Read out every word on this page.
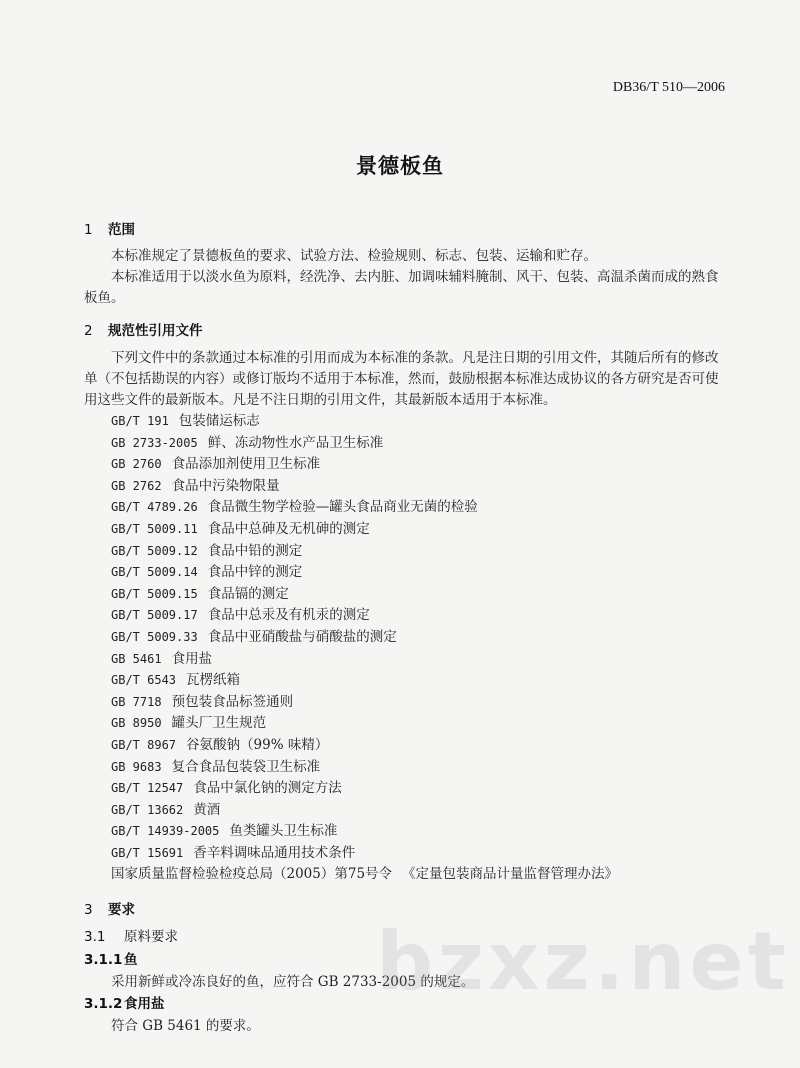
DB36/T 510—2006
景德板鱼
1 范围

本标准规定了景德板鱼的要求、试验方法、检验规则、标志、包装、运输和贮存。

本标准适用于以淡水鱼为原料，经洗净、去内脏、加调味辅料腌制、风干、包装、高温杀菌而成的熟食板鱼。

2 规范性引用文件

下列文件中的条款通过本标准的引用而成为本标准的条款。凡是注日期的引用文件，其随后所有的修改单（不包括勘误的内容）或修订版均不适用于本标准，然而，鼓励根据本标准达成协议的各方研究是否可使用这些文件的最新版本。凡是不注日期的引用文件，其最新版本适用于本标准。

GB/T 191 包装储运标志
GB 2733-2005 鲜、冻动物性水产品卫生标准
GB 2760 食品添加剂使用卫生标准
GB 2762 食品中污染物限量
GB/T 4789.26 食品微生物学检验—罐头食品商业无菌的检验
GB/T 5009.11 食品中总砷及无机砷的测定
GB/T 5009.12 食品中铅的测定
GB/T 5009.14 食品中锌的测定
GB/T 5009.15 食品镉的测定
GB/T 5009.17 食品中总汞及有机汞的测定
GB/T 5009.33 食品中亚硝酸盐与硝酸盐的测定
GB 5461 食用盐
GB/T 6543 瓦楞纸箱
GB 7718 预包装食品标签通则
GB 8950 罐头厂卫生规范
GB/T 8967 谷氨酸钠（99% 味精）
GB 9683 复合食品包装袋卫生标准
GB/T 12547 食品中氯化钠的测定方法
GB/T 13662 黄酒
GB/T 14939-2005 鱼类罐头卫生标准
GB/T 15691 香辛料调味品通用技术条件
国家质量监督检验检疫总局（2005）第75号令 《定量包装商品计量监督管理办法》
3 要求
3.1 原料要求
3.1.1 鱼

采用新鲜或冷冻良好的鱼，应符合 GB 2733-2005 的规定。

3.1.2 食用盐

符合 GB 5461 的要求。

bzxz.net
